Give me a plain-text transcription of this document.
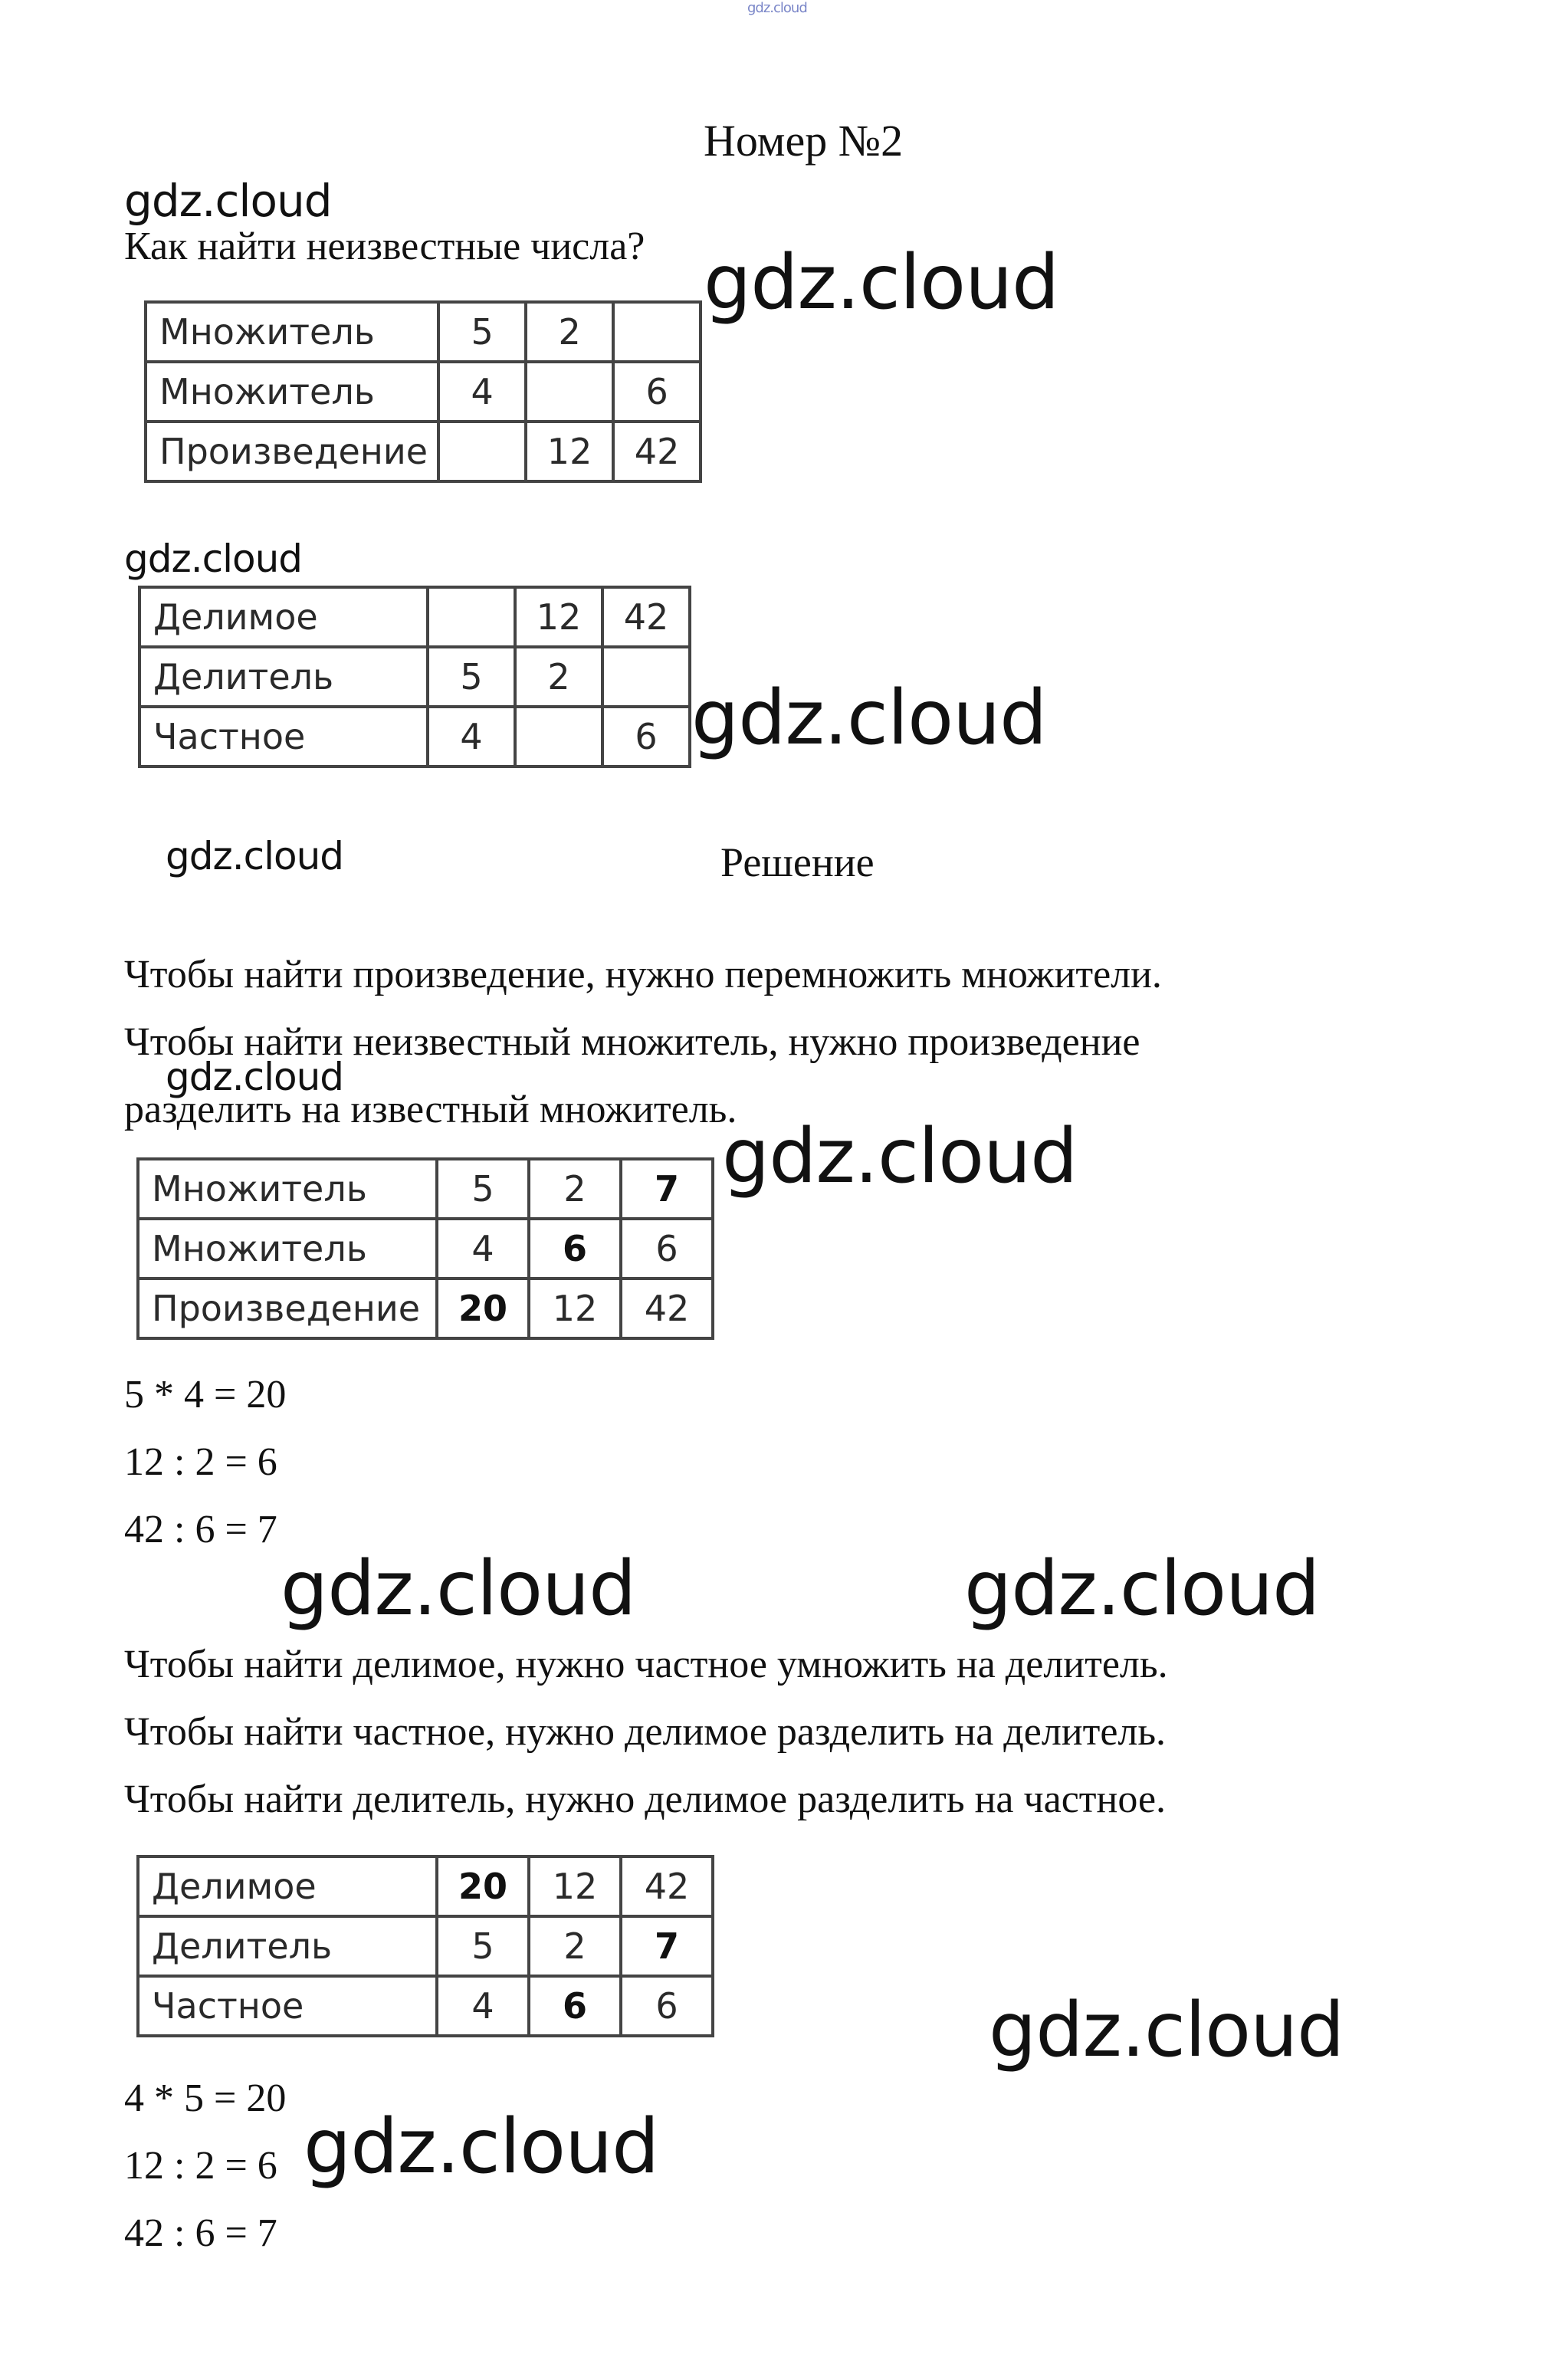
gdz.cloud
Номер №2
gdz.cloud
Как найти неизвестные числа? gdz.cloud
Множитель	5	2	
Множитель	4		6
Произведение		12	42
gdz.cloud
Делимое		12	42
Делитель	5	2	
Частное	4		6 gdz.cloud
gdz.cloud	Решение
Чтобы найти произведение, нужно перемножить множители.
Чтобы найти неизвестный множитель, нужно произведение
gdz.cloud
разделить на известный множитель.
gdz.cloud
Множитель	5	2	7
Множитель	4	6	6
Произведение	20	12	42
5 * 4 = 20
12 : 2 = 6
42 : 6 = 7
gdz.cloud	gdz.cloud
Чтобы найти делимое, нужно частное умножить на делитель.
Чтобы найти частное, нужно делимое разделить на делитель.
Чтобы найти делитель, нужно делимое разделить на частное.
Делимое	20	12	42
Делитель	5	2	7
Частное	4	6	6	gdz.cloud
4 * 5 = 20
12 : 2 = 6 gdz.cloud
42 : 6 = 7
